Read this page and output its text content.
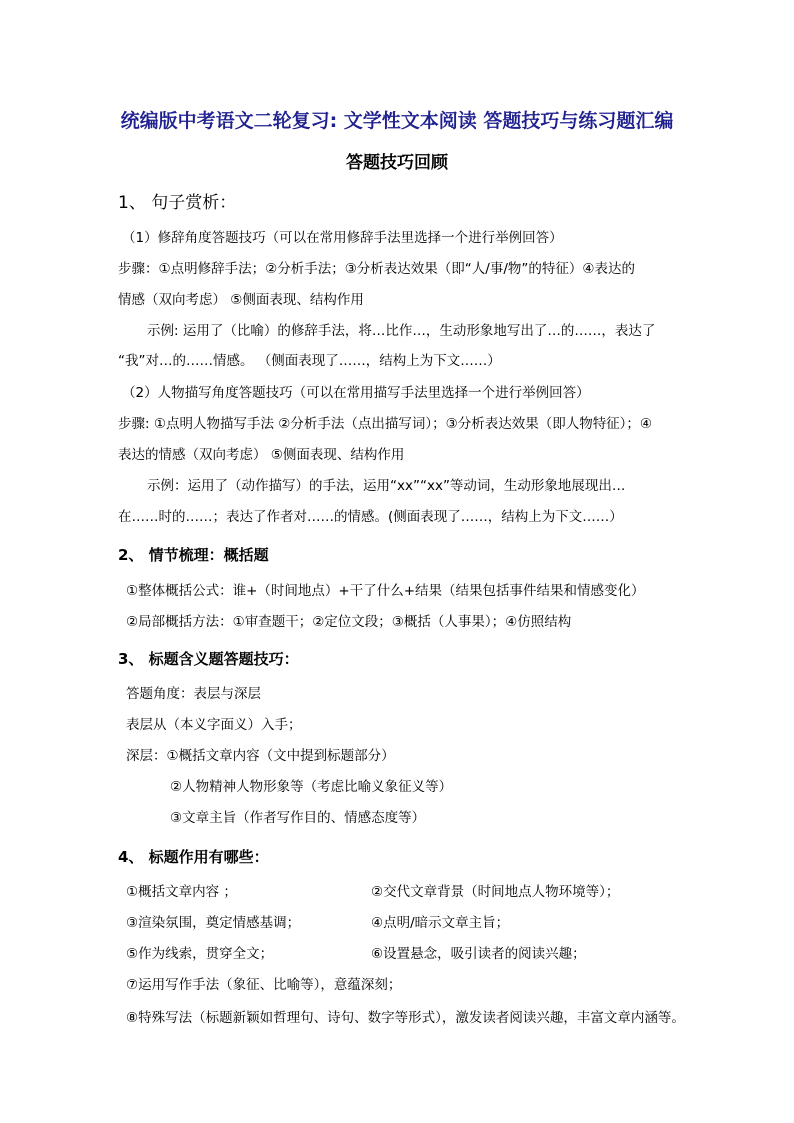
统编版中考语文二轮复习: 文学性文本阅读 答题技巧与练习题汇编
答题技巧回顾
1、 句子赏析：
（1）修辞角度答题技巧（可以在常用修辞手法里选择一个进行举例回答）
步骤：①点明修辞手法；②分析手法；③分析表达效果（即“人/事/物”的特征）④表达的
情感（双向考虑） ⑤侧面表现、结构作用
示例: 运用了（比喻）的修辞手法，将…比作…，生动形象地写出了…的……，表达了
“我”对…的……情感。 （侧面表现了……，结构上为下文……）
（2）人物描写角度答题技巧（可以在常用描写手法里选择一个进行举例回答）
步骤: ①点明人物描写手法 ②分析手法（点出描写词）；③分析表达效果（即人物特征）；④
表达的情感（双向考虑） ⑤侧面表现、结构作用
示例：运用了（动作描写）的手法，运用“xx”“xx”等动词，生动形象地展现出…
在……时的……；表达了作者对……的情感。(侧面表现了……，结构上为下文……）
2、 情节梳理：概括题
①整体概括公式：谁+（时间地点）+干了什么+结果（结果包括事件结果和情感变化）
②局部概括方法：①审查题干；②定位文段；③概括（人事果）；④仿照结构
3、 标题含义题答题技巧：
答题角度：表层与深层
表层从（本义字面义）入手；
深层：①概括文章内容（文中提到标题部分）
②人物精神人物形象等（考虑比喻义象征义等）
③文章主旨（作者写作目的、情感态度等）
4、 标题作用有哪些：
①概括文章内容 ；	②交代文章背景（时间地点人物环境等）；
③渲染氛围，奠定情感基调；	④点明/暗示文章主旨；
⑤作为线索，贯穿全文；	⑥设置悬念，吸引读者的阅读兴趣；
⑦运用写作手法（象征、比喻等），意蕴深刻；
⑧特殊写法（标题新颖如哲理句、诗句、数字等形式），激发读者阅读兴趣，丰富文章内涵等。
